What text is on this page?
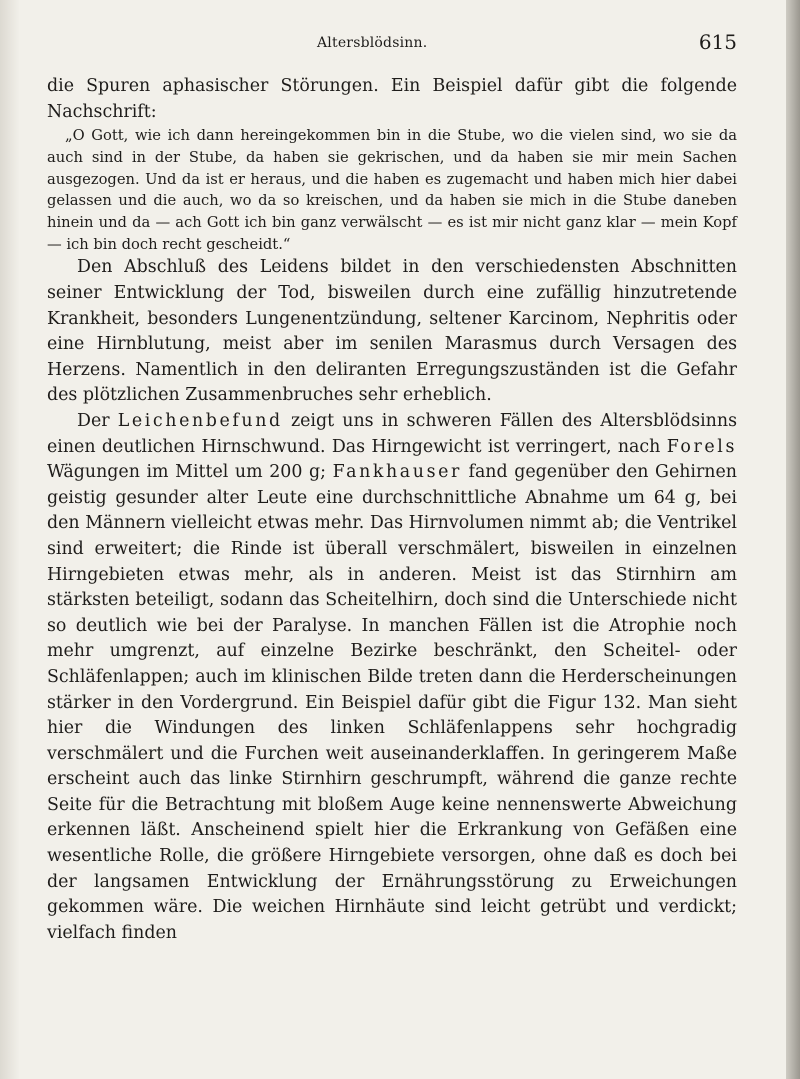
Altersblödsinn.	615

die Spuren aphasischer Störungen. Ein Beispiel dafür gibt die folgende Nachschrift:

„O Gott, wie ich dann hereingekommen bin in die Stube, wo die vielen sind, wo sie da auch sind in der Stube, da haben sie gekrischen, und da haben sie mir mein Sachen ausgezogen. Und da ist er heraus, und die haben es zugemacht und haben mich hier dabei gelassen und die auch, wo da so kreischen, und da haben sie mich in die Stube daneben hinein und da — ach Gott ich bin ganz verwälscht — es ist mir nicht ganz klar — mein Kopf — ich bin doch recht gescheidt.“

Den Abschluß des Leidens bildet in den verschiedensten Abschnitten seiner Entwicklung der Tod, bisweilen durch eine zufällig hinzutretende Krankheit, besonders Lungenentzündung, seltener Karcinom, Nephritis oder eine Hirnblutung, meist aber im senilen Marasmus durch Versagen des Herzens. Namentlich in den deliranten Erregungszuständen ist die Gefahr des plötzlichen Zusammenbruches sehr erheblich.

Der Leichenbefund zeigt uns in schweren Fällen des Altersblödsinns einen deutlichen Hirnschwund. Das Hirngewicht ist verringert, nach Forels Wägungen im Mittel um 200 g; Fankhauser fand gegenüber den Gehirnen geistig gesunder alter Leute eine durchschnittliche Abnahme um 64 g, bei den Männern vielleicht etwas mehr. Das Hirnvolumen nimmt ab; die Ventrikel sind erweitert; die Rinde ist überall verschmälert, bisweilen in einzelnen Hirngebieten etwas mehr, als in anderen. Meist ist das Stirnhirn am stärksten beteiligt, sodann das Scheitelhirn, doch sind die Unterschiede nicht so deutlich wie bei der Paralyse. In manchen Fällen ist die Atrophie noch mehr umgrenzt, auf einzelne Bezirke beschränkt, den Scheitel- oder Schläfenlappen; auch im klinischen Bilde treten dann die Herderscheinungen stärker in den Vordergrund. Ein Beispiel dafür gibt die Figur 132. Man sieht hier die Windungen des linken Schläfenlappens sehr hochgradig verschmälert und die Furchen weit auseinanderklaffen. In geringerem Maße erscheint auch das linke Stirnhirn geschrumpft, während die ganze rechte Seite für die Betrachtung mit bloßem Auge keine nennenswerte Abweichung erkennen läßt. Anscheinend spielt hier die Erkrankung von Gefäßen eine wesentliche Rolle, die größere Hirngebiete versorgen, ohne daß es doch bei der langsamen Entwicklung der Ernährungsstörung zu Erweichungen gekommen wäre. Die weichen Hirnhäute sind leicht getrübt und verdickt; vielfach finden
